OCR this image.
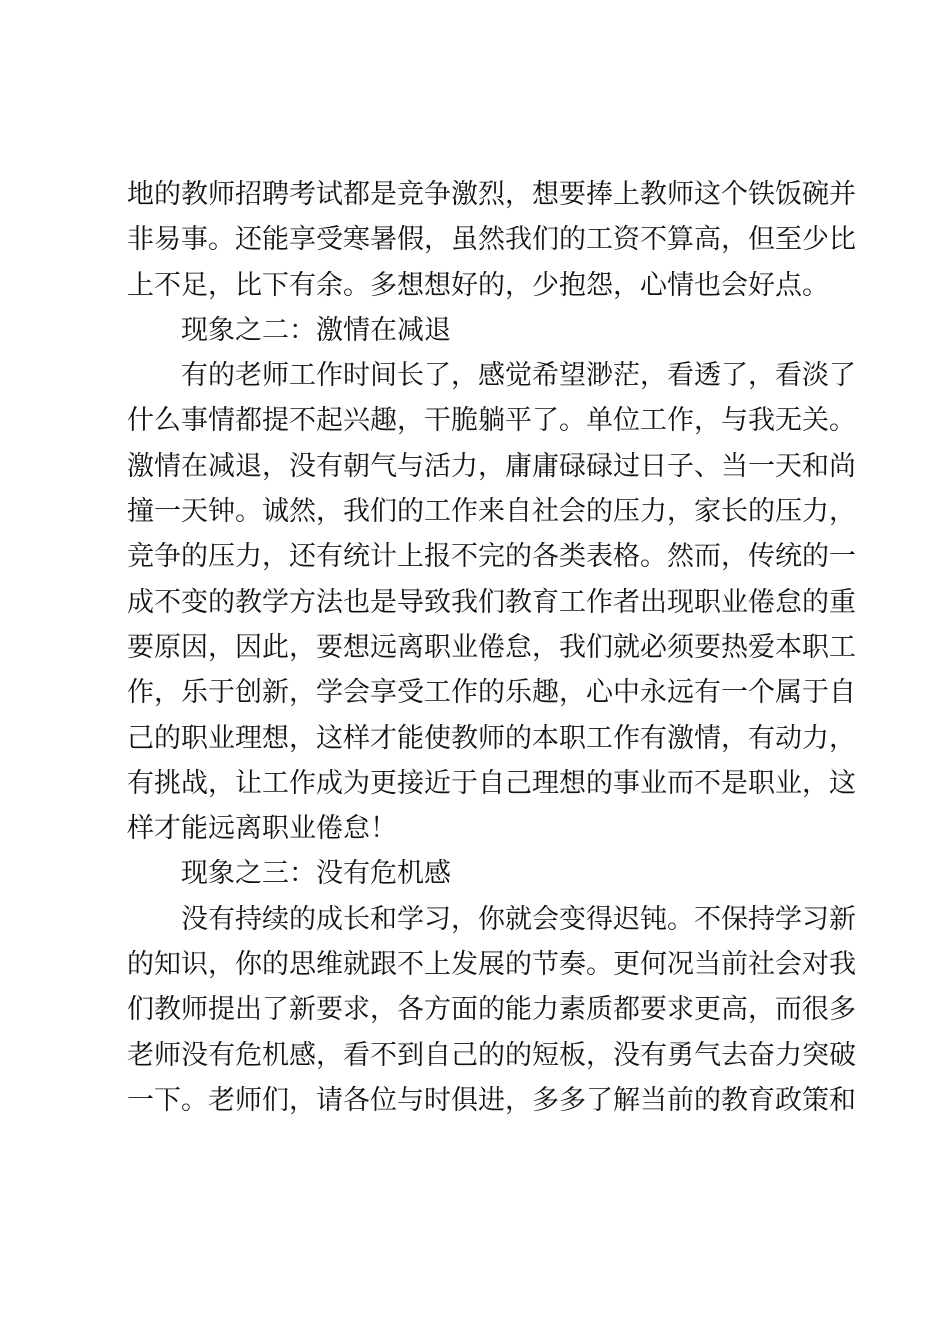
地的教师招聘考试都是竞争激烈，想要捧上教师这个铁饭碗并
非易事。还能享受寒暑假，虽然我们的工资不算高，但至少比
上不足，比下有余。多想想好的，少抱怨，心情也会好点。
现象之二：激情在减退
有的老师工作时间长了，感觉希望渺茫，看透了，看淡了
什么事情都提不起兴趣，干脆躺平了。单位工作，与我无关。
激情在减退，没有朝气与活力，庸庸碌碌过日子、当一天和尚
撞一天钟。诚然，我们的工作来自社会的压力，家长的压力，
竞争的压力，还有统计上报不完的各类表格。然而，传统的一
成不变的教学方法也是导致我们教育工作者出现职业倦怠的重
要原因，因此，要想远离职业倦怠，我们就必须要热爱本职工
作，乐于创新，学会享受工作的乐趣，心中永远有一个属于自
己的职业理想，这样才能使教师的本职工作有激情，有动力，
有挑战，让工作成为更接近于自己理想的事业而不是职业，这
样才能远离职业倦怠！
现象之三：没有危机感
没有持续的成长和学习，你就会变得迟钝。不保持学习新
的知识，你的思维就跟不上发展的节奏。更何况当前社会对我
们教师提出了新要求，各方面的能力素质都要求更高，而很多
老师没有危机感，看不到自己的的短板，没有勇气去奋力突破
一下。老师们，请各位与时俱进，多多了解当前的教育政策和
